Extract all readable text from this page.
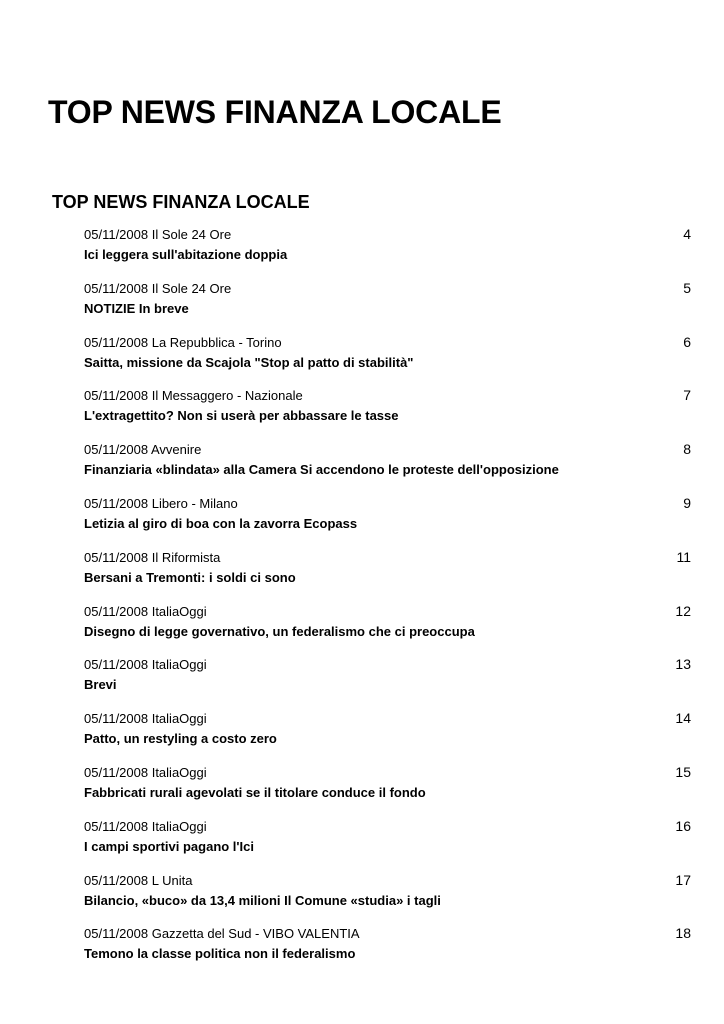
TOP NEWS FINANZA LOCALE
TOP NEWS FINANZA LOCALE
05/11/2008 Il Sole 24 Ore	4
Ici leggera sull'abitazione doppia
05/11/2008 Il Sole 24 Ore	5
NOTIZIE In breve
05/11/2008 La Repubblica - Torino	6
Saitta, missione da Scajola "Stop al patto di stabilità"
05/11/2008 Il Messaggero - Nazionale	7
L'extragettito? Non si userà per abbassare le tasse
05/11/2008 Avvenire	8
Finanziaria «blindata» alla Camera Si accendono le proteste dell'opposizione
05/11/2008 Libero - Milano	9
Letizia al giro di boa con la zavorra Ecopass
05/11/2008 Il Riformista	11
Bersani a Tremonti: i soldi ci sono
05/11/2008 ItaliaOggi	12
Disegno di legge governativo, un federalismo che ci preoccupa
05/11/2008 ItaliaOggi	13
Brevi
05/11/2008 ItaliaOggi	14
Patto, un restyling a costo zero
05/11/2008 ItaliaOggi	15
Fabbricati rurali agevolati se il titolare conduce il fondo
05/11/2008 ItaliaOggi	16
I campi sportivi pagano l'Ici
05/11/2008 L Unita	17
Bilancio, «buco» da 13,4 milioni Il Comune «studia» i tagli
05/11/2008 Gazzetta del Sud - VIBO VALENTIA	18
Temono la classe politica non il federalismo
